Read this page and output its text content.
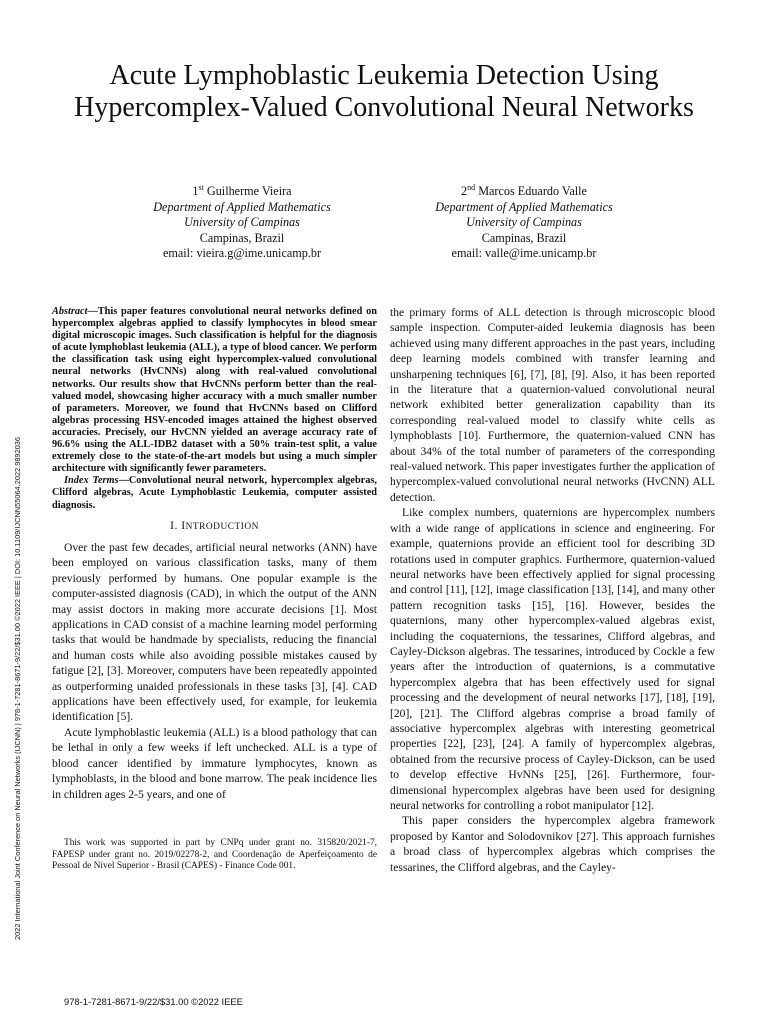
Acute Lymphoblastic Leukemia Detection Using Hypercomplex-Valued Convolutional Neural Networks
1st Guilherme Vieira
Department of Applied Mathematics
University of Campinas
Campinas, Brazil
email: vieira.g@ime.unicamp.br
2nd Marcos Eduardo Valle
Department of Applied Mathematics
University of Campinas
Campinas, Brazil
email: valle@ime.unicamp.br
2022 International Joint Conference on Neural Networks (IJCNN) | 978-1-7281-8671-9/22/$31.00 ©2022 IEEE | DOI: 10.1109/IJCNN55064.2022.9892036
Abstract—This paper features convolutional neural networks defined on hypercomplex algebras applied to classify lymphocytes in blood smear digital microscopic images. Such classification is helpful for the diagnosis of acute lymphoblast leukemia (ALL), a type of blood cancer. We perform the classification task using eight hypercomplex-valued convolutional neural networks (HvCNNs) along with real-valued convolutional networks. Our results show that HvCNNs perform better than the real-valued model, showcasing higher accuracy with a much smaller number of parameters. Moreover, we found that HvCNNs based on Clifford algebras processing HSV-encoded images attained the highest observed accuracies. Precisely, our HvCNN yielded an average accuracy rate of 96.6% using the ALL-IDB2 dataset with a 50% train-test split, a value extremely close to the state-of-the-art models but using a much simpler architecture with significantly fewer parameters.
Index Terms—Convolutional neural network, hypercomplex algebras, Clifford algebras, Acute Lymphoblastic Leukemia, computer assisted diagnosis.
I. INTRODUCTION

Over the past few decades, artificial neural networks (ANN) have been employed on various classification tasks, many of them previously performed by humans. One popular example is the computer-assisted diagnosis (CAD), in which the output of the ANN may assist doctors in making more accurate decisions [1]. Most applications in CAD consist of a machine learning model performing tasks that would be handmade by specialists, reducing the financial and human costs while also avoiding possible mistakes caused by fatigue [2], [3]. Moreover, computers have been repeatedly appointed as outperforming unaided professionals in these tasks [3], [4]. CAD applications have been effectively used, for example, for leukemia identification [5].

Acute lymphoblastic leukemia (ALL) is a blood pathology that can be lethal in only a few weeks if left unchecked. ALL is a type of blood cancer identified by immature lymphocytes, known as lymphoblasts, in the blood and bone marrow. The peak incidence lies in children ages 2-5 years, and one of

This work was supported in part by CNPq under grant no. 315820/2021-7, FAPESP under grant no. 2019/02278-2, and Coordenação de Aperfeiçoamento de Pessoal de Nível Superior - Brasil (CAPES) - Finance Code 001.

the primary forms of ALL detection is through microscopic blood sample inspection. Computer-aided leukemia diagnosis has been achieved using many different approaches in the past years, including deep learning models combined with transfer learning and unsharpening techniques [6], [7], [8], [9]. Also, it has been reported in the literature that a quaternion-valued convolutional neural network exhibited better generalization capability than its corresponding real-valued model to classify white cells as lymphoblasts [10]. Furthermore, the quaternion-valued CNN has about 34% of the total number of parameters of the corresponding real-valued network. This paper investigates further the application of hypercomplex-valued convolutional neural networks (HvCNN) ALL detection.

Like complex numbers, quaternions are hypercomplex numbers with a wide range of applications in science and engineering. For example, quaternions provide an efficient tool for describing 3D rotations used in computer graphics. Furthermore, quaternion-valued neural networks have been effectively applied for signal processing and control [11], [12], image classification [13], [14], and many other pattern recognition tasks [15], [16]. However, besides the quaternions, many other hypercomplex-valued algebras exist, including the coquaternions, the tessarines, Clifford algebras, and Cayley-Dickson algebras. The tessarines, introduced by Cockle a few years after the introduction of quaternions, is a commutative hypercomplex algebra that has been effectively used for signal processing and the development of neural networks [17], [18], [19], [20], [21]. The Clifford algebras comprise a broad family of associative hypercomplex algebras with interesting geometrical properties [22], [23], [24]. A family of hypercomplex algebras, obtained from the recursive process of Cayley-Dickson, can be used to develop effective HvNNs [25], [26]. Furthermore, four-dimensional hypercomplex algebras have been used for designing neural networks for controlling a robot manipulator [12].

This paper considers the hypercomplex algebra framework proposed by Kantor and Solodovnikov [27]. This approach furnishes a broad class of hypercomplex algebras which comprises the tessarines, the Clifford algebras, and the Cayley-

978-1-7281-8671-9/22/$31.00 ©2022 IEEE
